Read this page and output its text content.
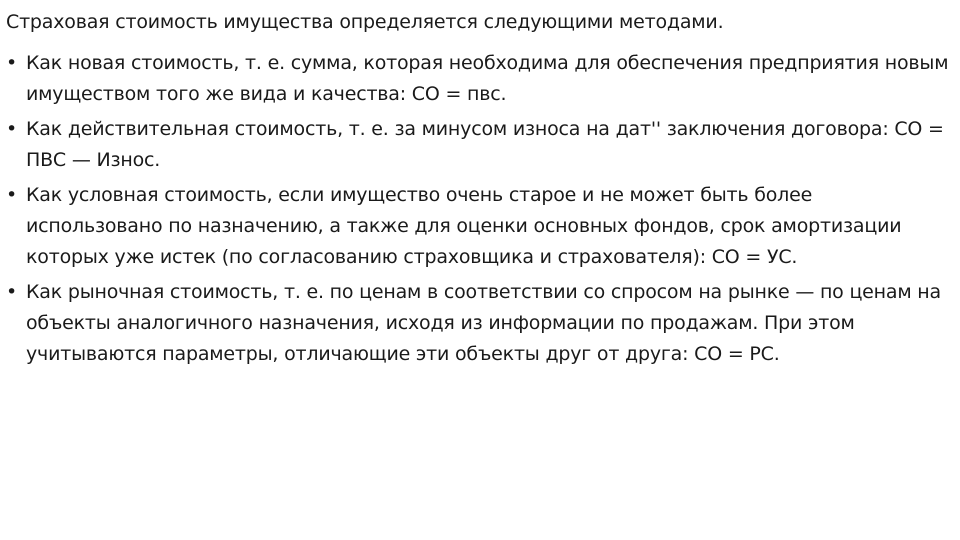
Страховая стоимость имущества определяется следующими методами.
• Как новая стоимость, т. е. сумма, которая необходима для обеспечения предприятия новым имуществом того же вида и качества: СО = пвс.
• Как действительная стоимость, т. е. за минусом износа на дат'' заключения договора: СО = ПВС — Износ.
• Как условная стоимость, если имущество очень старое и не может быть более использовано по назначению, а также для оценки основных фондов, срок амортизации которых уже истек (по согласованию страховщика и страхователя): СО = УС.
• Как рыночная стоимость, т. е. по ценам в соответствии со спросом на рынке — по ценам на объекты аналогичного назначения, исходя из информации по продажам. При этом учитываются параметры, отличающие эти объекты друг от друга: СО = PC.
